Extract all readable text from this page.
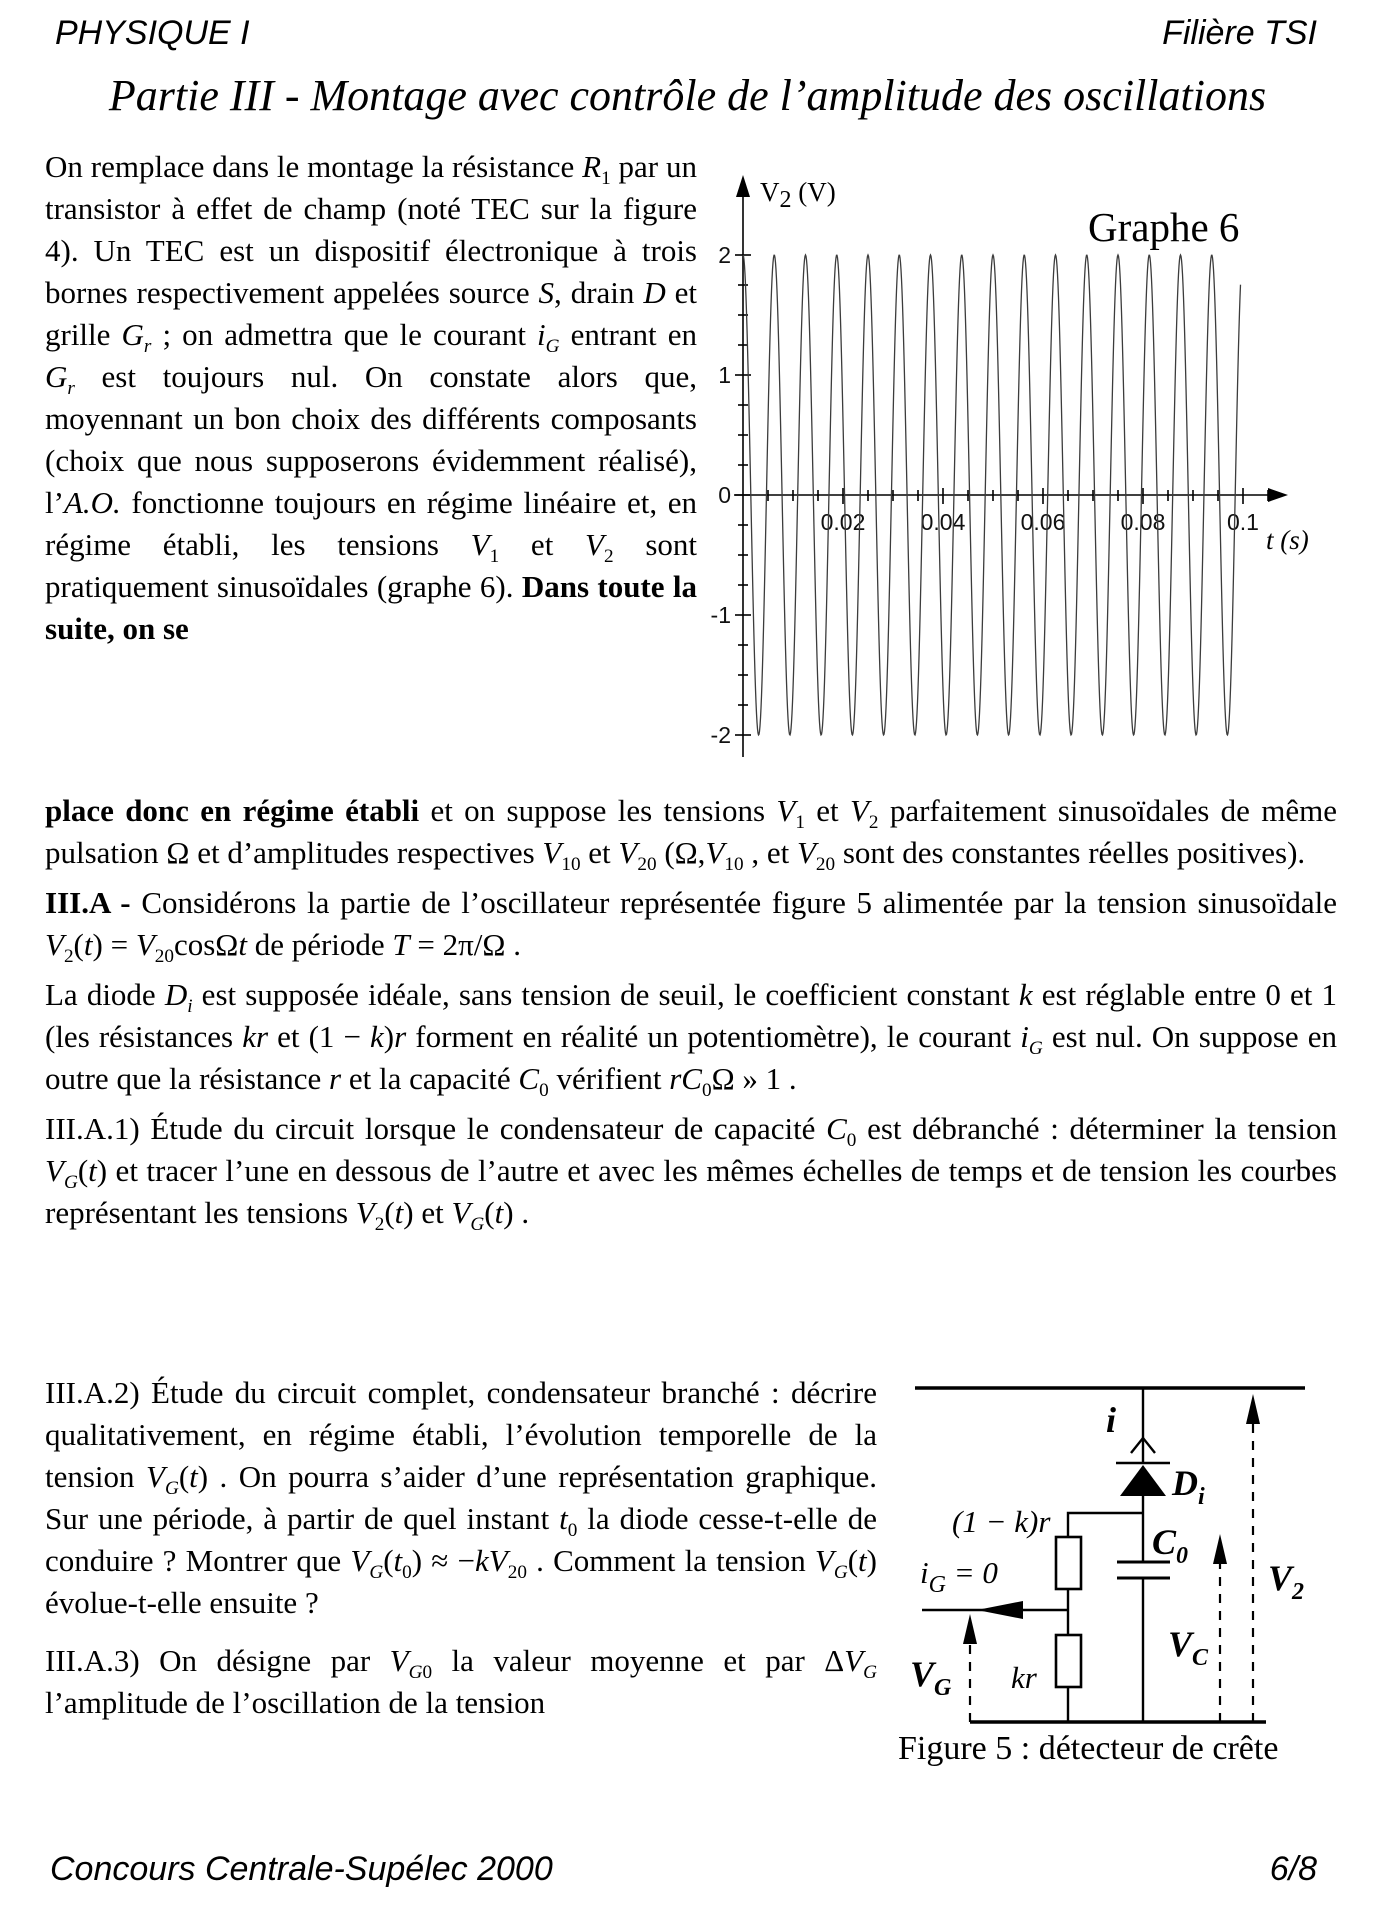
PHYSIQUE I	Filière TSI
Partie III - Montage avec contrôle de l’amplitude des oscillations

On remplace dans le montage la résistance $R_1$ par un transistor à effet de champ (noté TEC sur la figure 4). Un TEC est un dispositif électronique à trois bornes respectivement appelées source S, drain D et grille $G_r$ ; on admettra que le courant $i_G$ entrant en $G_r$ est toujours nul. On constate alors que, moyennant un bon choix des différents composants (choix que nous supposerons évidemment réalisé), l’A.O. fonctionne toujours en régime linéaire et, en régime établi, les tensions $V_1$ et $V_2$ sont pratiquement sinusoïdales (graphe 6). Dans toute la suite, on se

Graphe 6
V2 (V)
t (s)
2
1
0
-1
-2
0.02 0.04 0.06 0.08	0.1

place donc en régime établi et on suppose les tensions $V_1$ et $V_2$ parfaitement sinusoïdales de même pulsation Ω et d’amplitudes respectives $V_{10}$ et $V_{20}$ ($\Omega,V_{10}$ , et $V_{20}$ sont des constantes réelles positives).

III.A - Considérons la partie de l’oscillateur représentée figure 5 alimentée par la tension sinusoïdale $V_2(t) = V_{20}\cos\Omega t$ de période T = 2π/Ω .

La diode $D_i$ est supposée idéale, sans tension de seuil, le coefficient constant k est réglable entre 0 et 1 (les résistances kr et (1 − k)r forment en réalité un potentiomètre), le courant $i_G$ est nul. On suppose en outre que la résistance r et la capacité $C_0$ vérifient $rC_0\Omega$ » 1 .

III.A.1) Étude du circuit lorsque le condensateur de capacité $C_0$ est débranché : déterminer la tension $V_G(t)$ et tracer l’une en dessous de l’autre et avec les mêmes échelles de temps et de tension les courbes représentant les tensions $V_2(t)$ et $V_G(t)$ .

III.A.2) Étude du circuit complet, condensateur branché : décrire qualitativement, en régime établi, l’évolution temporelle de la tension $V_G(t)$ . On pourra s’aider d’une représentation graphique. Sur une période, à partir de quel instant $t_0$ la diode cesse-t-elle de conduire ? Montrer que $V_G(t_0) \approx -kV_{20}$ . Comment la tension $V_G(t)$ évolue-t-elle ensuite ?

III.A.3) On désigne par $V_{G0}$ la valeur moyenne et par $\Delta V_G$ l’amplitude de l’oscillation de la tension

i
$D_i$
(1 − k)r
$i_G = 0$
kr
$C_0$
$V_G$
$V_C$
$V_2$
Figure 5 : détecteur de crête
Concours Centrale-Supélec 2000	6/8
